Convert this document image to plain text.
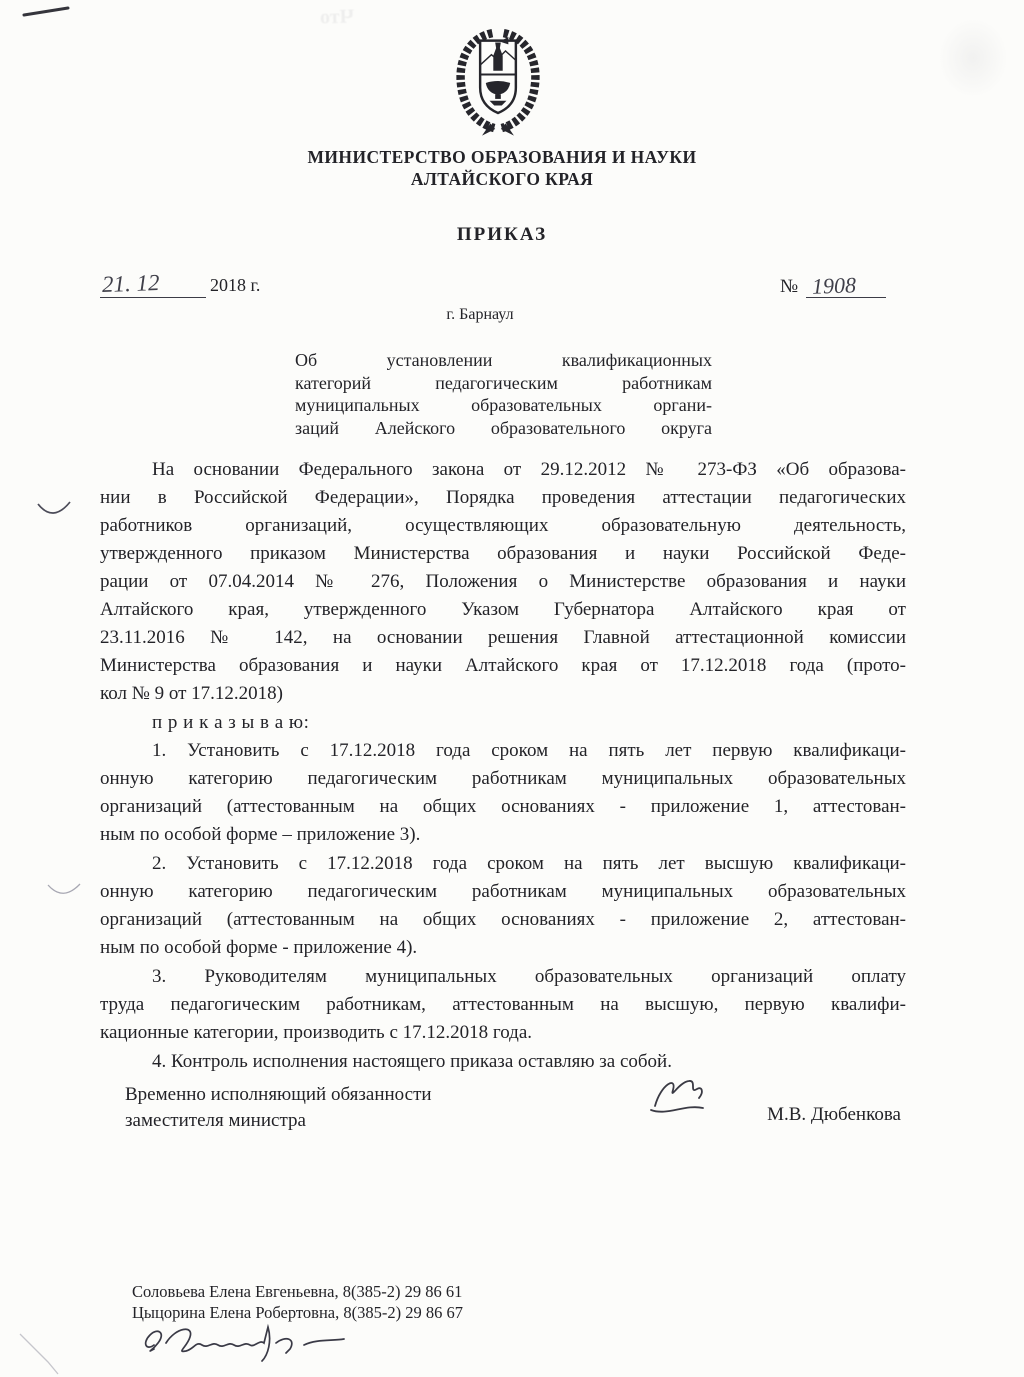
Что
МИНИСТЕРСТВО ОБРАЗОВАНИЯ И НАУКИ
АЛТАЙСКОГО КРАЯ
ПРИКАЗ
21. 12	2018 г.	№ 1908
г. Барнаул
Об установлении квалификационных
категорий педагогическим работникам
муниципальных образовательных органи-
заций Алейского образовательного округа
На основании Федерального закона от 29.12.2012 № 273-ФЗ «Об образова-
нии в Российской Федерации», Порядка проведения аттестации педагогических
работников организаций, осуществляющих образовательную деятельность,
утвержденного приказом Министерства образования и науки Российской Феде-
рации от 07.04.2014 № 276, Положения о Министерстве образования и науки
Алтайского края, утвержденного Указом Губернатора Алтайского края от
23.11.2016 № 142, на основании решения Главной аттестационной комиссии
Министерства образования и науки Алтайского края от 17.12.2018 года (прото-
кол № 9 от 17.12.2018)
п р и к а з ы в а ю:
1. Установить с 17.12.2018 года сроком на пять лет первую квалификаци-
онную категорию педагогическим работникам муниципальных образовательных
организаций (аттестованным на общих основаниях - приложение 1, аттестован-
ным по особой форме – приложение 3).
2. Установить с 17.12.2018 года сроком на пять лет высшую квалификаци-
онную категорию педагогическим работникам муниципальных образовательных
организаций (аттестованным на общих основаниях - приложение 2, аттестован-
ным по особой форме - приложение 4).
3. Руководителям муниципальных образовательных организаций оплату
труда педагогическим работникам, аттестованным на высшую, первую квалифи-
кационные категории, производить с 17.12.2018 года.
4. Контроль исполнения настоящего приказа оставляю за собой.
Временно исполняющий обязанности
заместителя министра	М.В. Дюбенкова
Соловьева Елена Евгеньевна, 8(385-2) 29 86 61
Цыцорина Елена Робертовна, 8(385-2) 29 86 67
